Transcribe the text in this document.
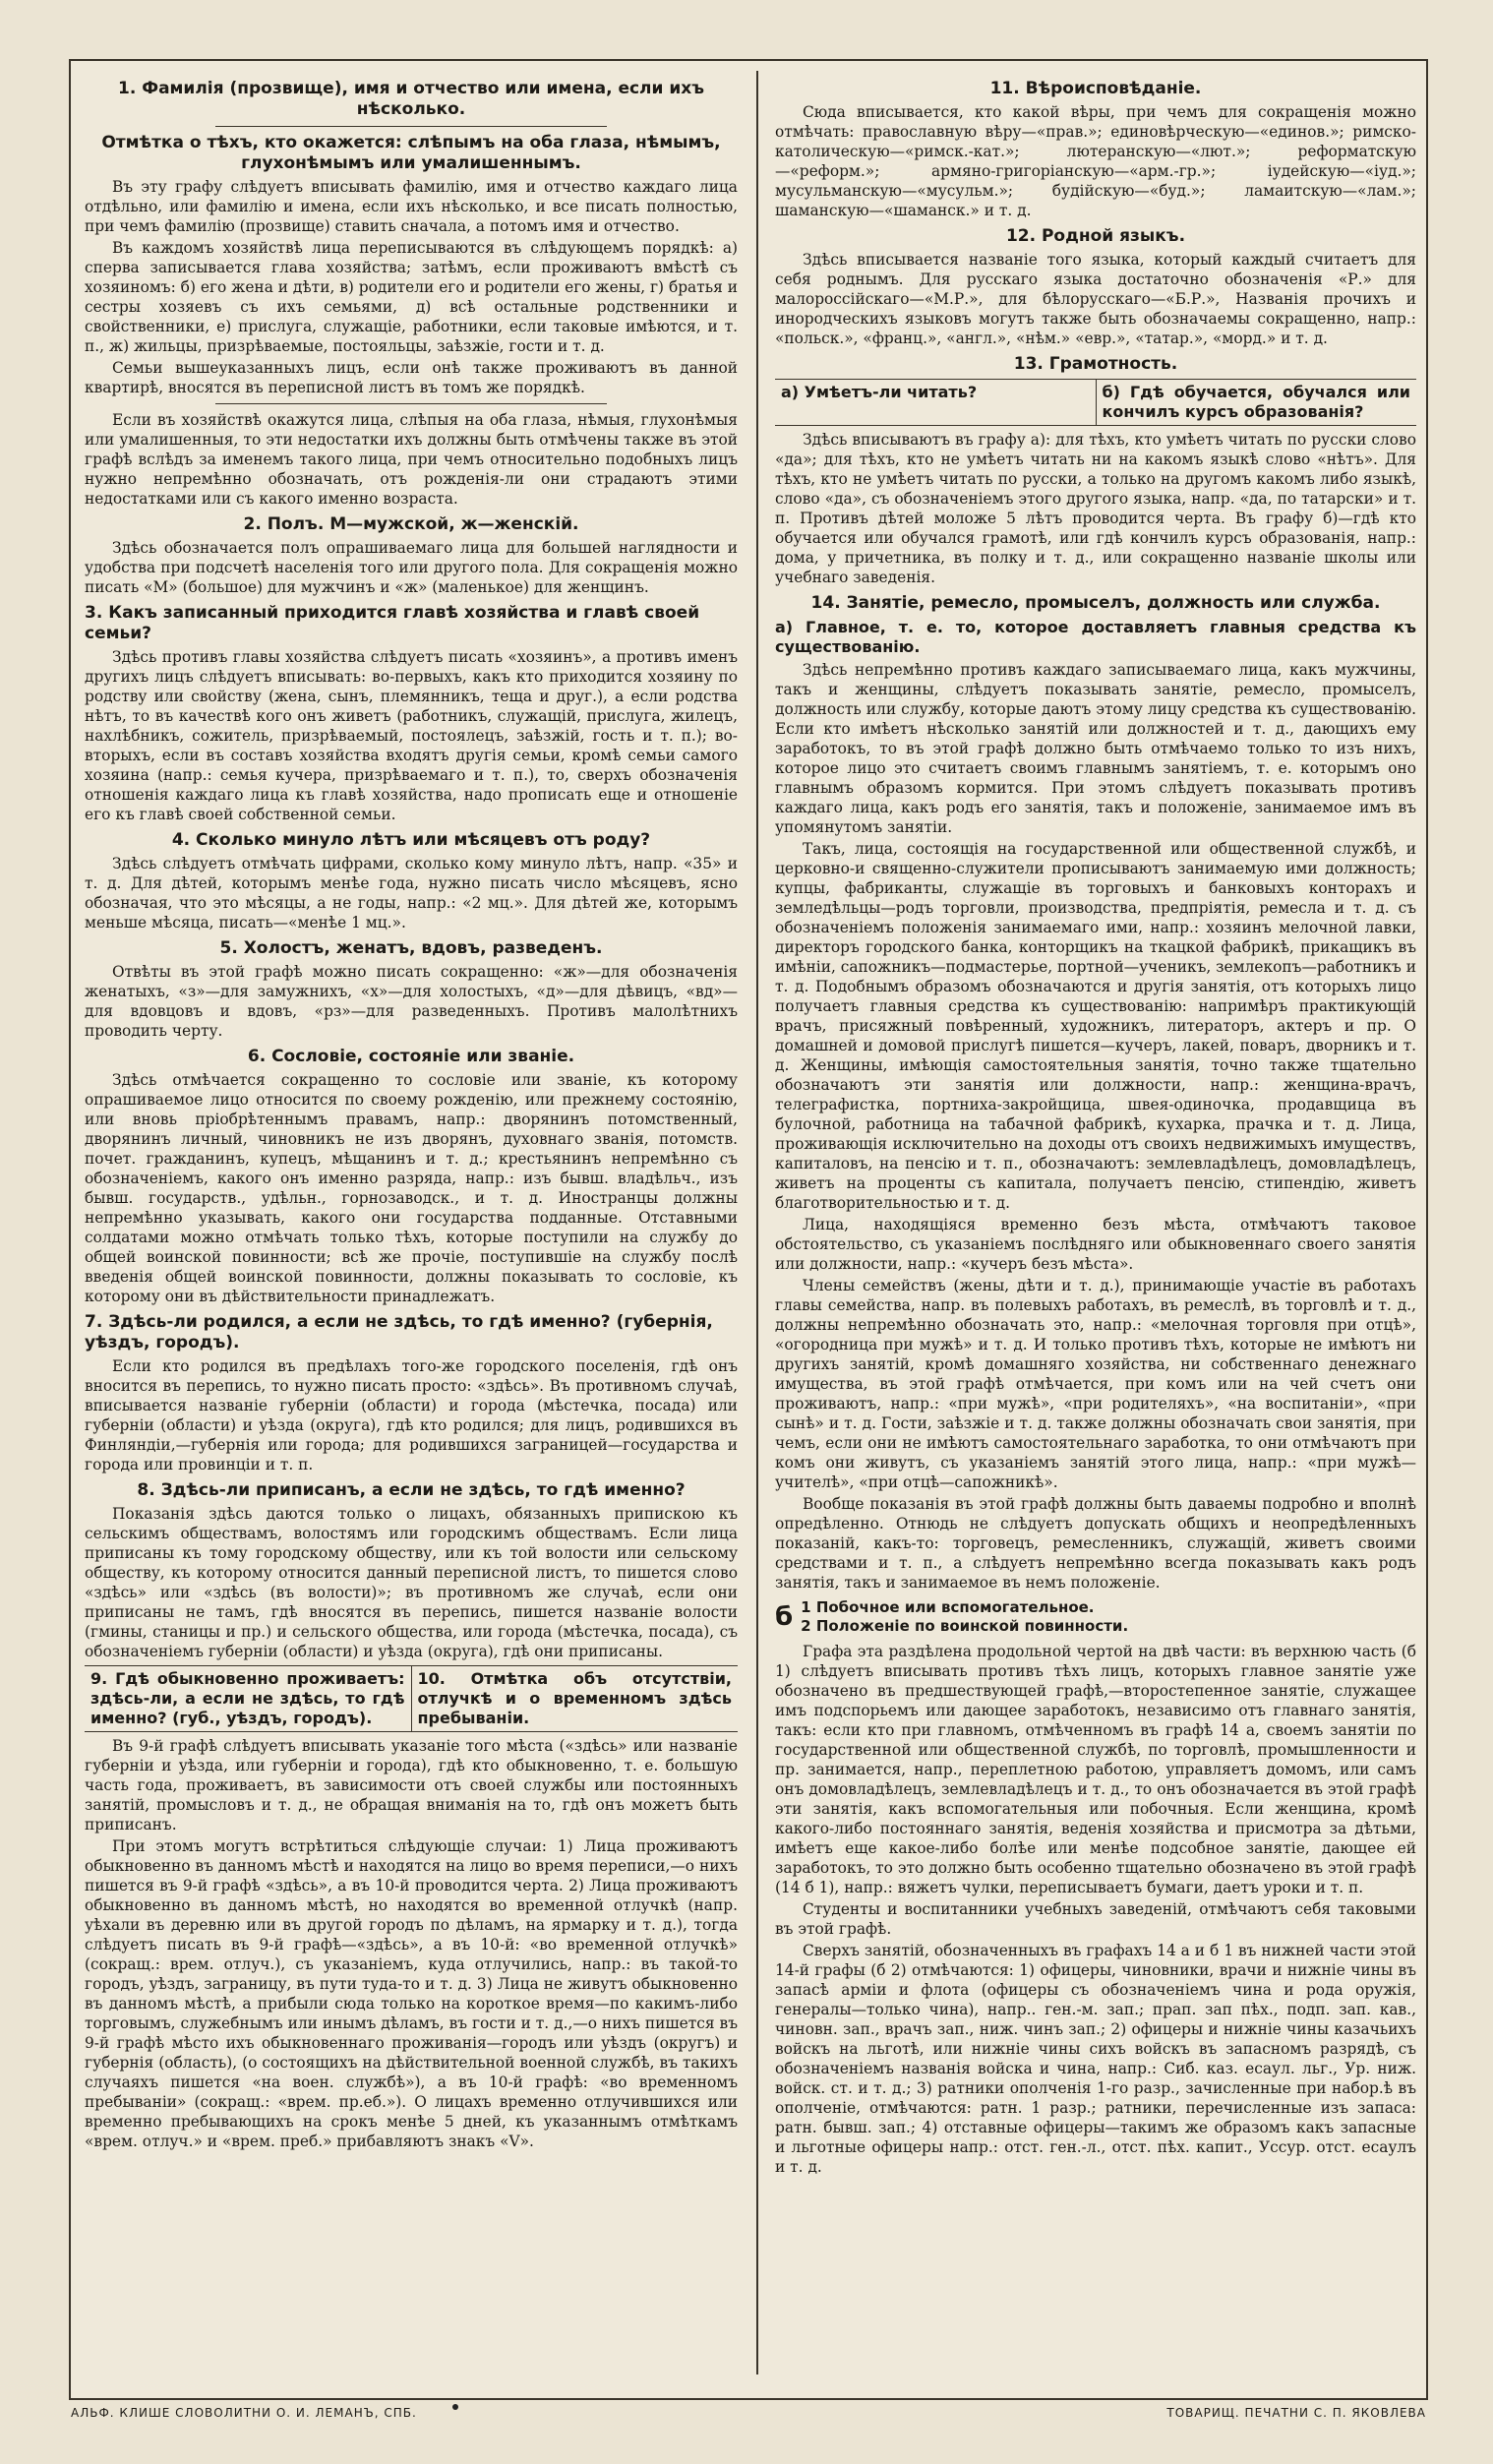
1. Фамилія (прозвище), имя и отчество или имена, если ихъ нѣсколько.
Отмѣтка о тѣхъ, кто окажется: слѣпымъ на оба глаза, нѣмымъ, глухонѣмымъ или умалишеннымъ.

Въ эту графу слѣдуетъ вписывать фамилію, имя и отчество каждаго лица отдѣльно, или фамилію и имена, если ихъ нѣсколько, и все писать полностью, при чемъ фамилію (прозвище) ставить сначала, а потомъ имя и отчество.

Въ каждомъ хозяйствѣ лица переписываются въ слѣдующемъ порядкѣ: а) сперва записывается глава хозяйства; затѣмъ, если проживаютъ вмѣстѣ съ хозяиномъ: б) его жена и дѣти, в) родители его и родители его жены, г) братья и сестры хозяевъ съ ихъ семьями, д) всѣ остальные родственники и свойственники, е) прислуга, служащіе, работники, если таковые имѣются, и т. п., ж) жильцы, призрѣваемые, постояльцы, заѣзжіе, гости и т. д.

Семьи вышеуказанныхъ лицъ, если онѣ также проживаютъ въ данной квартирѣ, вносятся въ переписной листъ въ томъ же порядкѣ.

Если въ хозяйствѣ окажутся лица, слѣпыя на оба глаза, нѣмыя, глухонѣмыя или умалишенныя, то эти недостатки ихъ должны быть отмѣчены также въ этой графѣ вслѣдъ за именемъ такого лица, при чемъ относительно подобныхъ лицъ нужно непремѣнно обозначать, отъ рожденія-ли они страдаютъ этими недостатками или съ какого именно возраста.

2. Полъ. М—мужской, ж—женскій.

Здѣсь обозначается полъ опрашиваемаго лица для большей наглядности и удобства при подсчетѣ населенія того или другого пола. Для сокращенія можно писать «М» (большое) для мужчинъ и «ж» (маленькое) для женщинъ.

3. Какъ записанный приходится главѣ хозяйства и главѣ своей семьи?

Здѣсь противъ главы хозяйства слѣдуетъ писать «хозяинъ», а противъ именъ другихъ лицъ слѣдуетъ вписывать: во-первыхъ, какъ кто приходится хозяину по родству или свойству (жена, сынъ, племянникъ, теща и друг.), а если родства нѣтъ, то въ качествѣ кого онъ живетъ (работникъ, служащій, прислуга, жилецъ, нахлѣбникъ, сожитель, призрѣваемый, постоялецъ, заѣзжій, гость и т. п.); во-вторыхъ, если въ составъ хозяйства входятъ другія семьи, кромѣ семьи самого хозяина (напр.: семья кучера, призрѣваемаго и т. п.), то, сверхъ обозначенія отношенія каждаго лица къ главѣ хозяйства, надо прописать еще и отношеніе его къ главѣ своей собственной семьи.

4. Сколько минуло лѣтъ или мѣсяцевъ отъ роду?

Здѣсь слѣдуетъ отмѣчать цифрами, сколько кому минуло лѣтъ, напр. «35» и т. д. Для дѣтей, которымъ менѣе года, нужно писать число мѣсяцевъ, ясно обозначая, что это мѣсяцы, а не годы, напр.: «2 мц.». Для дѣтей же, которымъ меньше мѣсяца, писать—«менѣе 1 мц.».

5. Холостъ, женатъ, вдовъ, разведенъ.

Отвѣты въ этой графѣ можно писать сокращенно: «ж»—для обозначенія женатыхъ, «з»—для замужнихъ, «х»—для холостыхъ, «д»—для дѣвицъ, «вд»—для вдовцовъ и вдовъ, «рз»—для разведенныхъ. Противъ малолѣтнихъ проводить черту.

6. Сословіе, состояніе или званіе.

Здѣсь отмѣчается сокращенно то сословіе или званіе, къ которому опрашиваемое лицо относится по своему рожденію, или прежнему состоянію, или вновь пріобрѣтеннымъ правамъ, напр.: дворянинъ потомственный, дворянинъ личный, чиновникъ не изъ дворянъ, духовнаго званія, потомств. почет. гражданинъ, купецъ, мѣщанинъ и т. д.; крестьянинъ непремѣнно съ обозначеніемъ, какого онъ именно разряда, напр.: изъ бывш. владѣльч., изъ бывш. государств., удѣльн., горнозаводск., и т. д. Иностранцы должны непремѣнно указывать, какого они государства подданные. Отставными солдатами можно отмѣчать только тѣхъ, которые поступили на службу до общей воинской повинности; всѣ же прочіе, поступившіе на службу послѣ введенія общей воинской повинности, должны показывать то сословіе, къ которому они въ дѣйствительности принадлежатъ.

7. Здѣсь-ли родился, а если не здѣсь, то гдѣ именно? (губернія, уѣздъ, городъ).

Если кто родился въ предѣлахъ того-же городского поселенія, гдѣ онъ вносится въ перепись, то нужно писать просто: «здѣсь». Въ противномъ случаѣ, вписывается названіе губерніи (области) и города (мѣстечка, посада) или губерніи (области) и уѣзда (округа), гдѣ кто родился; для лицъ, родившихся въ Финляндіи,—губернія или города; для родившихся заграницей—государства и города или провинціи и т. п.

8. Здѣсь-ли приписанъ, а если не здѣсь, то гдѣ именно?

Показанія здѣсь даются только о лицахъ, обязанныхъ припискою къ сельскимъ обществамъ, волостямъ или городскимъ обществамъ. Если лица приписаны къ тому городскому обществу, или къ той волости или сельскому обществу, къ которому относится данный переписной листъ, то пишется слово «здѣсь» или «здѣсь (въ волости)»; въ противномъ же случаѣ, если они приписаны не тамъ, гдѣ вносятся въ перепись, пишется названіе волости (гмины, станицы и пр.) и сельского общества, или города (мѣстечка, посада), съ обозначеніемъ губерніи (области) и уѣзда (округа), гдѣ они приписаны.

9. Гдѣ обыкновенно проживаетъ: здѣсь-ли, а если не здѣсь, то гдѣ именно? (губ., уѣздъ, городъ).
10. Отмѣтка объ отсутствіи, отлучкѣ и о временномъ здѣсь пребываніи.

Въ 9-й графѣ слѣдуетъ вписывать указаніе того мѣста («здѣсь» или названіе губерніи и уѣзда, или губерніи и города), гдѣ кто обыкновенно, т. е. большую часть года, проживаетъ, въ зависимости отъ своей службы или постоянныхъ занятій, промысловъ и т. д., не обращая вниманія на то, гдѣ онъ можетъ быть приписанъ.

При этомъ могутъ встрѣтиться слѣдующіе случаи: 1) Лица проживаютъ обыкновенно въ данномъ мѣстѣ и находятся на лицо во время переписи,—о нихъ пишется въ 9-й графѣ «здѣсь», а въ 10-й проводится черта. 2) Лица проживаютъ обыкновенно въ данномъ мѣстѣ, но находятся во временной отлучкѣ (напр. уѣхали въ деревню или въ другой городъ по дѣламъ, на ярмарку и т. д.), тогда слѣдуетъ писать въ 9-й графѣ—«здѣсь», а въ 10-й: «во временной отлучкѣ» (сокращ.: врем. отлуч.), съ указаніемъ, куда отлучились, напр.: въ такой-то городъ, уѣздъ, заграницу, въ пути туда-то и т. д. 3) Лица не живутъ обыкновенно въ данномъ мѣстѣ, а прибыли сюда только на короткое время—по какимъ-либо торговымъ, служебнымъ или инымъ дѣламъ, въ гости и т. д.,—о нихъ пишется въ 9-й графѣ мѣсто ихъ обыкновеннаго проживанія—городъ или уѣздъ (округъ) и губернія (область), (о состоящихъ на дѣйствительной военной службѣ, въ такихъ случаяхъ пишется «на воен. службѣ»), а въ 10-й графѣ: «во временномъ пребываніи» (сокращ.: «врем. пр.еб.»). О лицахъ временно отлучившихся или временно пребывающихъ на срокъ менѣе 5 дней, къ указаннымъ отмѣткамъ «врем. отлуч.» и «врем. преб.» прибавляютъ знакъ «V».

11. Вѣроисповѣданіе.

Сюда вписывается, кто какой вѣры, при чемъ для сокращенія можно отмѣчать: православную вѣру—«прав.»; единовѣрческую—«единов.»; римско-католическую—«римск.-кат.»; лютеранскую—«лют.»; реформатскую—«реформ.»; армяно-григоріанскую—«арм.-гр.»; іудейскую—«іуд.»; мусульманскую—«мусульм.»; будійскую—«буд.»; ламаитскую—«лам.»; шаманскую—«шаманск.» и т. д.

12. Родной языкъ.

Здѣсь вписывается названіе того языка, который каждый считаетъ для себя роднымъ. Для русскаго языка достаточно обозначенія «Р.» для малороссійскаго—«М.Р.», для бѣлорусскаго—«Б.Р.», Названія прочихъ и инородческихъ языковъ могутъ также быть обозначаемы сокращенно, напр.: «польск.», «франц.», «англ.», «нѣм.» «евр.», «татар.», «морд.» и т. д.

13. Грамотность.
а) Умѣетъ-ли читать?	б) Гдѣ обучается, обучался или кончилъ курсъ образованія?

Здѣсь вписываютъ въ графу а): для тѣхъ, кто умѣетъ читать по русски слово «да»; для тѣхъ, кто не умѣетъ читать ни на какомъ языкѣ слово «нѣтъ». Для тѣхъ, кто не умѣетъ читать по русски, а только на другомъ какомъ либо языкѣ, слово «да», съ обозначеніемъ этого другого языка, напр. «да, по татарски» и т. п. Противъ дѣтей моложе 5 лѣтъ проводится черта. Въ графу б)—гдѣ кто обучается или обучался грамотѣ, или гдѣ кончилъ курсъ образованія, напр.: дома, у причетника, въ полку и т. д., или сокращенно названіе школы или учебнаго заведенія.

14. Занятіе, ремесло, промыселъ, должность или служба.
а) Главное, т. е. то, которое доставляетъ главныя средства къ существованію.

Здѣсь непремѣнно противъ каждаго записываемаго лица, какъ мужчины, такъ и женщины, слѣдуетъ показывать занятіе, ремесло, промыселъ, должность или службу, которые даютъ этому лицу средства къ существованію. Если кто имѣетъ нѣсколько занятій или должностей и т. д., дающихъ ему заработокъ, то въ этой графѣ должно быть отмѣчаемо только то изъ нихъ, которое лицо это считаетъ своимъ главнымъ занятіемъ, т. е. которымъ оно главнымъ образомъ кормится. При этомъ слѣдуетъ показывать противъ каждаго лица, какъ родъ его занятія, такъ и положеніе, занимаемое имъ въ упомянутомъ занятіи.

Такъ, лица, состоящія на государственной или общественной службѣ, и церковно-и священно-служители прописываютъ занимаемую ими должность; купцы, фабриканты, служащіе въ торговыхъ и банковыхъ конторахъ и земледѣльцы—родъ торговли, производства, предпріятія, ремесла и т. д. съ обозначеніемъ положенія занимаемаго ими, напр.: хозяинъ мелочной лавки, директоръ городского банка, конторщикъ на ткацкой фабрикѣ, прикащикъ въ имѣніи, сапожникъ—подмастерье, портной—ученикъ, землекопъ—работникъ и т. д. Подобнымъ образомъ обозначаются и другія занятія, отъ которыхъ лицо получаетъ главныя средства къ существованію: напримѣръ практикующій врачъ, присяжный повѣренный, художникъ, литераторъ, актеръ и пр. О домашней и домовой прислугѣ пишется—кучеръ, лакей, поваръ, дворникъ и т. д. Женщины, имѣющія самостоятельныя занятія, точно также тщательно обозначаютъ эти занятія или должности, напр.: женщина-врачъ, телеграфистка, портниха-закройщица, швея-одиночка, продавщица въ булочной, работница на табачной фабрикѣ, кухарка, прачка и т. д. Лица, проживающія исключительно на доходы отъ своихъ недвижимыхъ имуществъ, капиталовъ, на пенсію и т. п., обозначаютъ: землевладѣлецъ, домовладѣлецъ, живетъ на проценты съ капитала, получаетъ пенсію, стипендію, живетъ благотворительностью и т. д.

Лица, находящіяся временно безъ мѣста, отмѣчаютъ таковое обстоятельство, съ указаніемъ послѣдняго или обыкновеннаго своего занятія или должности, напр.: «кучеръ безъ мѣста».

Члены семействъ (жены, дѣти и т. д.), принимающіе участіе въ работахъ главы семейства, напр. въ полевыхъ работахъ, въ ремеслѣ, въ торговлѣ и т. д., должны непремѣнно обозначать это, напр.: «мелочная торговля при отцѣ», «огородница при мужѣ» и т. д. И только противъ тѣхъ, которые не имѣютъ ни другихъ занятій, кромѣ домашняго хозяйства, ни собственнаго денежнаго имущества, въ этой графѣ отмѣчается, при комъ или на чей счетъ они проживаютъ, напр.: «при мужѣ», «при родителяхъ», «на воспитаніи», «при сынѣ» и т. д. Гости, заѣзжіе и т. д. также должны обозначать свои занятія, при чемъ, если они не имѣютъ самостоятельнаго заработка, то они отмѣчаютъ при комъ они живутъ, съ указаніемъ занятій этого лица, напр.: «при мужѣ—учителѣ», «при отцѣ—сапожникѣ».

Вообще показанія въ этой графѣ должны быть даваемы подробно и вполнѣ опредѣленно. Отнюдь не слѣдуетъ допускать общихъ и неопредѣленныхъ показаній, какъ-то: торговецъ, ремесленникъ, служащій, живетъ своими средствами и т. п., а слѣдуетъ непремѣнно всегда показывать какъ родъ занятія, такъ и занимаемое въ немъ положеніе.

б 1 Побочное или вспомогательное.
2 Положеніе по воинской повинности.

Графа эта раздѣлена продольной чертой на двѣ части: въ верхнюю часть (б 1) слѣдуетъ вписывать противъ тѣхъ лицъ, которыхъ главное занятіе уже обозначено въ предшествующей графѣ,—второстепенное занятіе, служащее имъ подспорьемъ или дающее заработокъ, независимо отъ главнаго занятія, такъ: если кто при главномъ, отмѣченномъ въ графѣ 14 а, своемъ занятіи по государственной или общественной службѣ, по торговлѣ, промышленности и пр. занимается, напр., переплетною работою, управляетъ домомъ, или самъ онъ домовладѣлецъ, землевладѣлецъ и т. д., то онъ обозначается въ этой графѣ эти занятія, какъ вспомогательныя или побочныя. Если женщина, кромѣ какого-либо постояннаго занятія, веденія хозяйства и присмотра за дѣтьми, имѣетъ еще какое-либо болѣе или менѣе подсобное занятіе, дающее ей заработокъ, то это должно быть особенно тщательно обозначено въ этой графѣ (14 б 1), напр.: вяжетъ чулки, переписываетъ бумаги, даетъ уроки и т. п.

Студенты и воспитанники учебныхъ заведеній, отмѣчаютъ себя таковыми въ этой графѣ.

Сверхъ занятій, обозначенныхъ въ графахъ 14 а и б 1 въ нижней части этой 14-й графы (б 2) отмѣчаются: 1) офицеры, чиновники, врачи и нижніе чины въ запасѣ арміи и флота (офицеры съ обозначеніемъ чина и рода оружія, генералы—только чина), напр.. ген.-м. зап.; прап. зап пѣх., подп. зап. кав., чиновн. зап., врачъ зап., ниж. чинъ зап.; 2) офицеры и нижніе чины казачьихъ войскъ на льготѣ, или нижніе чины сихъ войскъ въ запасномъ разрядѣ, съ обозначеніемъ названія войска и чина, напр.: Сиб. каз. есаул. льг., Ур. ниж. войск. ст. и т. д.; 3) ратники ополченія 1-го разр., зачисленные при набор.ѣ въ ополченіе, отмѣчаются: ратн. 1 разр.; ратники, перечисленные изъ запаса: ратн. бывш. зап.; 4) отставные офицеры—такимъ же образомъ какъ запасные и льготные офицеры напр.: отст. ген.-л., отст. пѣх. капит., Уссур. отст. есаулъ и т. д.

АЛЬФ. КЛИШЕ СЛОВОЛИТНИ О. И. ЛЕМАНЪ, СПБ.	ТОВАРИЩ. ПЕЧАТНИ С. П. ЯКОВЛЕВА
